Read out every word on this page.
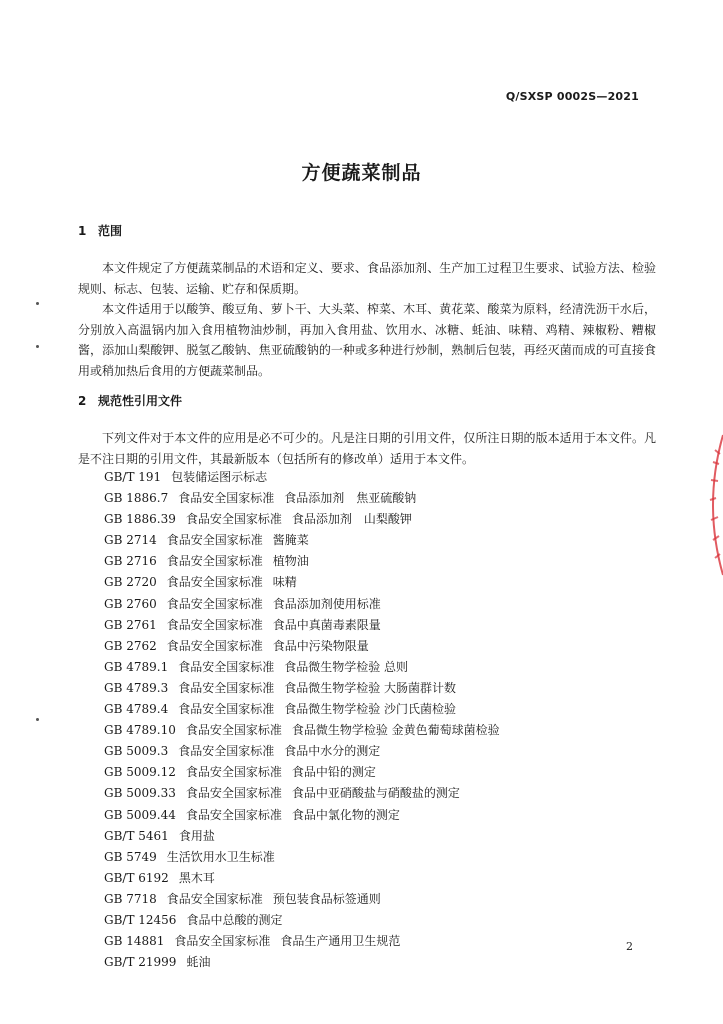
Q/SXSP 0002S—2021
方便蔬菜制品
1 范围

本文件规定了方便蔬菜制品的术语和定义、要求、食品添加剂、生产加工过程卫生要求、试验方法、检验规则、标志、包装、运输、贮存和保质期。

本文件适用于以酸笋、酸豆角、萝卜干、大头菜、榨菜、木耳、黄花菜、酸菜为原料，经清洗沥干水后，分别放入高温锅内加入食用植物油炒制，再加入食用盐、饮用水、冰糖、蚝油、味精、鸡精、辣椒粉、糟椒酱，添加山梨酸钾、脱氢乙酸钠、焦亚硫酸钠的一种或多种进行炒制，熟制后包装，再经灭菌而成的可直接食用或稍加热后食用的方便蔬菜制品。

2 规范性引用文件

下列文件对于本文件的应用是必不可少的。凡是注日期的引用文件，仅所注日期的版本适用于本文件。凡是不注日期的引用文件，其最新版本（包括所有的修改单）适用于本文件。

GB/T 191 包装储运图示标志
GB 1886.7 食品安全国家标准 食品添加剂　焦亚硫酸钠
GB 1886.39 食品安全国家标准 食品添加剂　山梨酸钾
GB 2714 食品安全国家标准 酱腌菜
GB 2716 食品安全国家标准 植物油
GB 2720 食品安全国家标准 味精
GB 2760 食品安全国家标准 食品添加剂使用标准
GB 2761 食品安全国家标准 食品中真菌毒素限量
GB 2762 食品安全国家标准 食品中污染物限量
GB 4789.1 食品安全国家标准 食品微生物学检验 总则
GB 4789.3 食品安全国家标准 食品微生物学检验 大肠菌群计数
GB 4789.4 食品安全国家标准 食品微生物学检验 沙门氏菌检验
GB 4789.10 食品安全国家标准 食品微生物学检验 金黄色葡萄球菌检验
GB 5009.3 食品安全国家标准 食品中水分的测定
GB 5009.12 食品安全国家标准 食品中铅的测定
GB 5009.33 食品安全国家标准 食品中亚硝酸盐与硝酸盐的测定
GB 5009.44 食品安全国家标准 食品中氯化物的测定
GB/T 5461 食用盐
GB 5749 生活饮用水卫生标准
GB/T 6192 黑木耳
GB 7718 食品安全国家标准 预包装食品标签通则
GB/T 12456 食品中总酸的测定
GB 14881 食品安全国家标准 食品生产通用卫生规范
GB/T 21999 蚝油
2
